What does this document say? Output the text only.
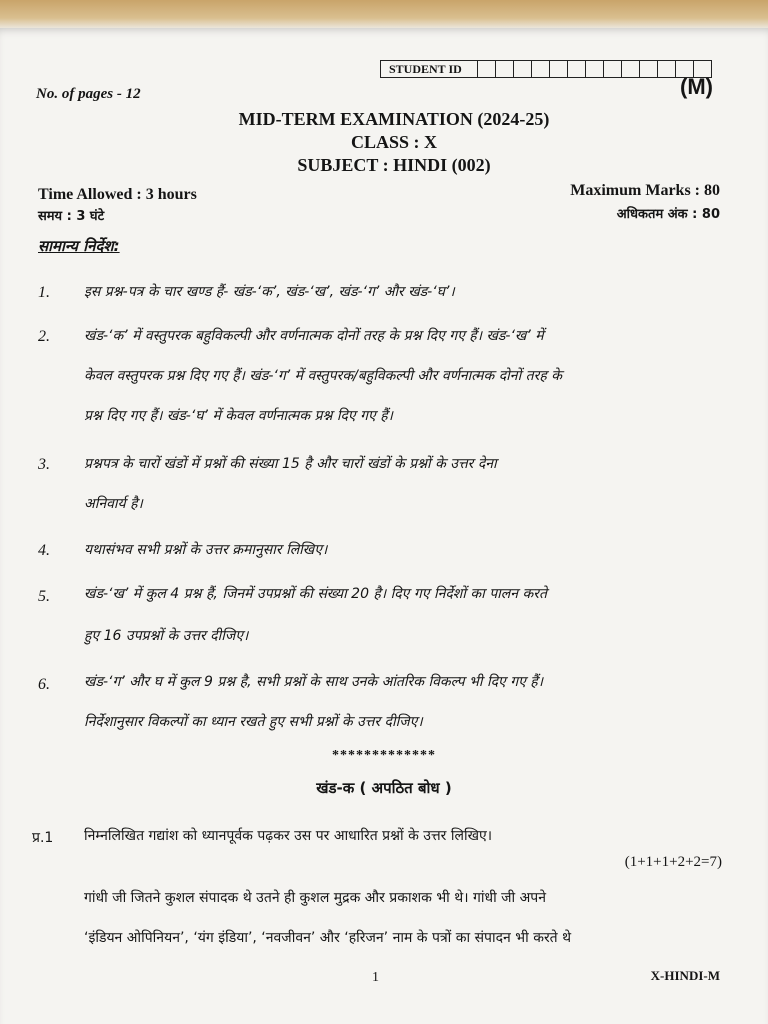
STUDENT ID
No. of pages - 12	(M)
MID-TERM EXAMINATION (2024-25)
CLASS : X
SUBJECT : HINDI (002)
Time Allowed : 3 hours
समय : 3 घंटे
Maximum Marks : 80
अधिकतम अंक : 80
सामान्य निर्देश:
1. इस प्रश्न-पत्र के चार खण्ड हैं- खंड-‘क’, खंड-‘ख’, खंड-‘ग’ और खंड-‘घ’।
2. खंड-‘क’ में वस्तुपरक बहुविकल्पी और वर्णनात्मक दोनों तरह के प्रश्न दिए गए हैं। खंड-‘ख’ में
केवल वस्तुपरक प्रश्न दिए गए हैं। खंड-‘ग’ में वस्तुपरक/बहुविकल्पी और वर्णनात्मक दोनों तरह के
प्रश्न दिए गए हैं। खंड-‘घ’ में केवल वर्णनात्मक प्रश्न दिए गए हैं।
3. प्रश्नपत्र के चारों खंडों में प्रश्नों की संख्या 15 है और चारों खंडों के प्रश्नों के उत्तर देना
अनिवार्य है।
4. यथासंभव सभी प्रश्नों के उत्तर क्रमानुसार लिखिए।
5. खंड-‘ख’ में कुल 4 प्रश्न हैं, जिनमें उपप्रश्नों की संख्या 20 है। दिए गए निर्देशों का पालन करते
हुए 16 उपप्रश्नों के उत्तर दीजिए।
6. खंड-‘ग’ और घ में कुल 9 प्रश्न है, सभी प्रश्नों के साथ उनके आंतरिक विकल्प भी दिए गए हैं।
निर्देशानुसार विकल्पों का ध्यान रखते हुए सभी प्रश्नों के उत्तर दीजिए।
*************
खंड-क ( अपठित बोध )
प्र.1 निम्नलिखित गद्यांश को ध्यानपूर्वक पढ़कर उस पर आधारित प्रश्नों के उत्तर लिखिए।
(1+1+1+2+2=7)
गांधी जी जितने कुशल संपादक थे उतने ही कुशल मुद्रक और प्रकाशक भी थे। गांधी जी अपने
‘इंडियन ओपिनियन’, ‘यंग इंडिया’, ‘नवजीवन’ और ‘हरिजन’ नाम के पत्रों का संपादन भी करते थे
1	X-HINDI-M
